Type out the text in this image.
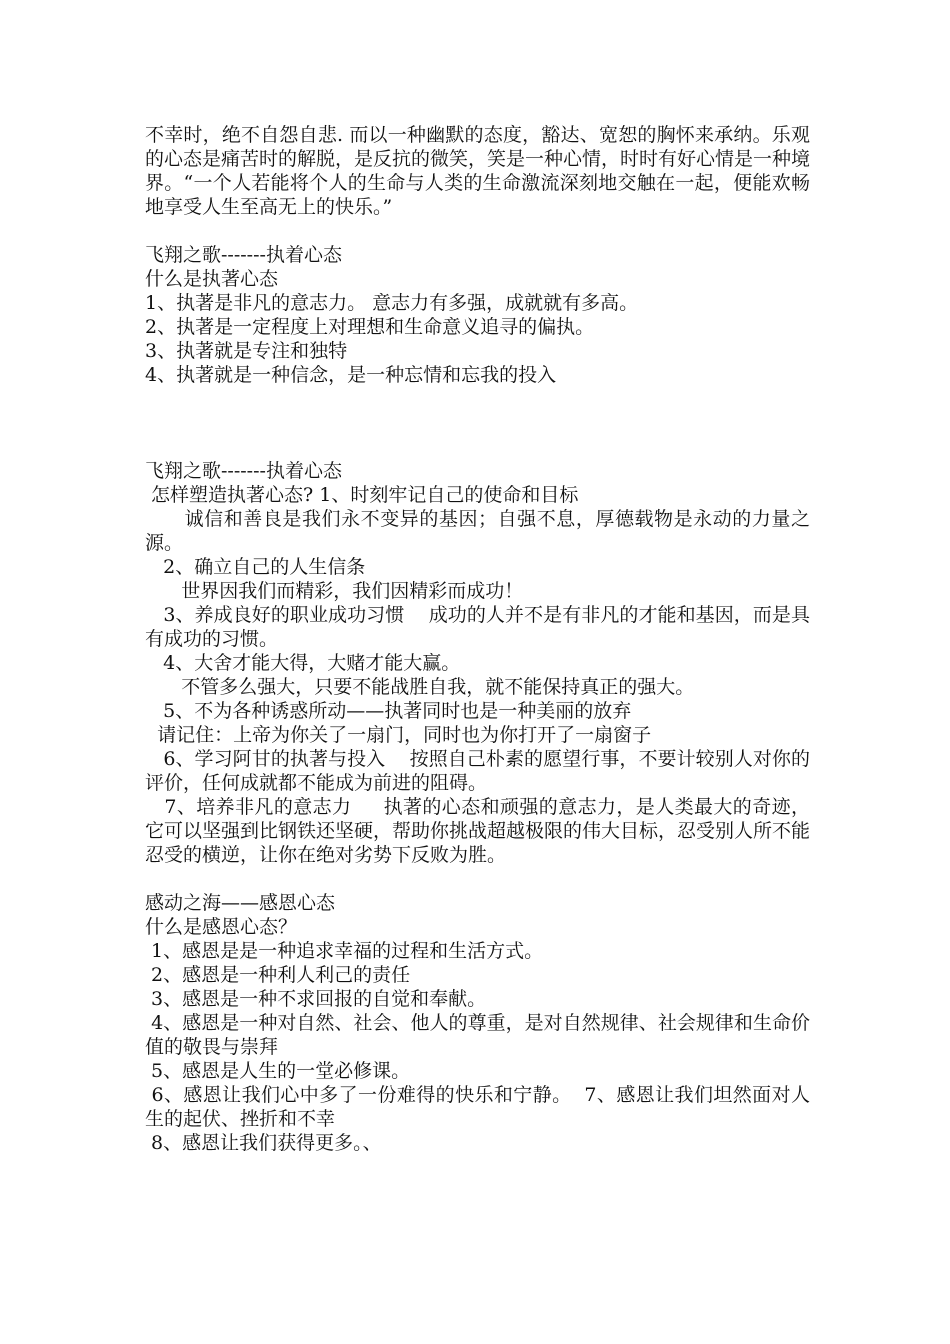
不幸时，绝不自怨自悲. 而以一种幽默的态度，豁达、宽恕的胸怀来承纳。乐观的心态是痛苦时的解脱，是反抗的微笑，笑是一种心情，时时有好心情是一种境界。“一个人若能将个人的生命与人类的生命激流深刻地交触在一起，便能欢畅地享受人生至高无上的快乐。”

飞翔之歌-------执着心态

什么是执著心态

1、执著是非凡的意志力。 意志力有多强，成就就有多高。

2、执著是一定程度上对理想和生命意义追寻的偏执。

3、执著就是专注和独特

4、执著就是一种信念，是一种忘情和忘我的投入

飞翔之歌-------执着心态

怎样塑造执著心态? 1、时刻牢记自己的使命和目标

诚信和善良是我们永不变异的基因；自强不息，厚德载物是永动的力量之源。

2、确立自己的人生信条

世界因我们而精彩，我们因精彩而成功！

3、养成良好的职业成功习惯    成功的人并不是有非凡的才能和基因，而是具有成功的习惯。

4、大舍才能大得，大赌才能大赢。

不管多么强大，只要不能战胜自我，就不能保持真正的强大。

5、不为各种诱惑所动——执著同时也是一种美丽的放弃

请记住：上帝为你关了一扇门，同时也为你打开了一扇窗子

6、学习阿甘的执著与投入    按照自己朴素的愿望行事，不要计较别人对你的评价，任何成就都不能成为前进的阻碍。

7、培养非凡的意志力     执著的心态和顽强的意志力，是人类最大的奇迹，它可以坚强到比钢铁还坚硬，帮助你挑战超越极限的伟大目标，忍受别人所不能忍受的横逆，让你在绝对劣势下反败为胜。

感动之海——感恩心态

什么是感恩心态？

1、感恩是是一种追求幸福的过程和生活方式。

2、感恩是一种利人利己的责任

3、感恩是一种不求回报的自觉和奉献。

4、感恩是一种对自然、社会、他人的尊重，是对自然规律、社会规律和生命价值的敬畏与崇拜

5、感恩是人生的一堂必修课。

6、感恩让我们心中多了一份难得的快乐和宁静。  7、感恩让我们坦然面对人生的起伏、挫折和不幸

8、感恩让我们获得更多。、
